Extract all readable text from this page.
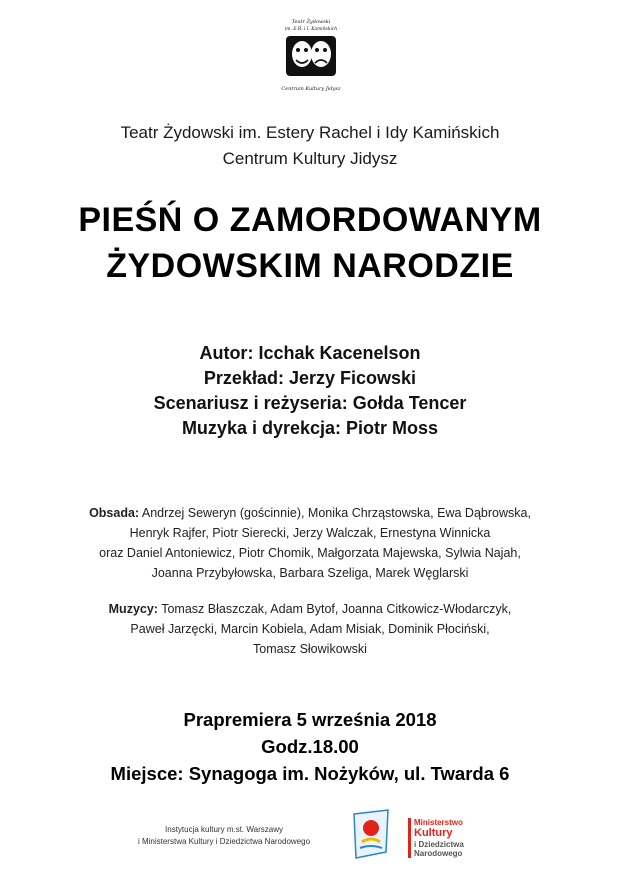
Teatr Żydowski
im. E.R. i I. Kamińskich
Centrum Kultury Jidysz
Teatr Żydowski im. Estery Rachel i Idy Kamińskich
Centrum Kultury Jidysz
PIEŚŃ O ZAMORDOWANYM
ŻYDOWSKIM NARODZIE
Autor: Icchak Kacenelson
Przekład: Jerzy Ficowski
Scenariusz i reżyseria: Gołda Tencer
Muzyka i dyrekcja: Piotr Moss
Obsada: Andrzej Seweryn (gościnnie), Monika Chrząstowska, Ewa Dąbrowska,
Henryk Rajfer, Piotr Sierecki, Jerzy Walczak, Ernestyna Winnicka
oraz Daniel Antoniewicz, Piotr Chomik, Małgorzata Majewska, Sylwia Najah,
Joanna Przybyłowska, Barbara Szeliga, Marek Węglarski
Muzycy: Tomasz Błaszczak, Adam Bytof, Joanna Citkowicz-Włodarczyk,
Paweł Jarzęcki, Marcin Kobiela, Adam Misiak, Dominik Płociński,
Tomasz Słowikowski
Prapremiera 5 września 2018
Godz.18.00
Miejsce: Synagoga im. Nożyków, ul. Twarda 6
Instytucja kultury m.st. Warszawy
i Ministerstwa Kultury i Dziedzictwa Narodowego
Ministerstwo
Kultury
i Dziedzictwa
Narodowego
